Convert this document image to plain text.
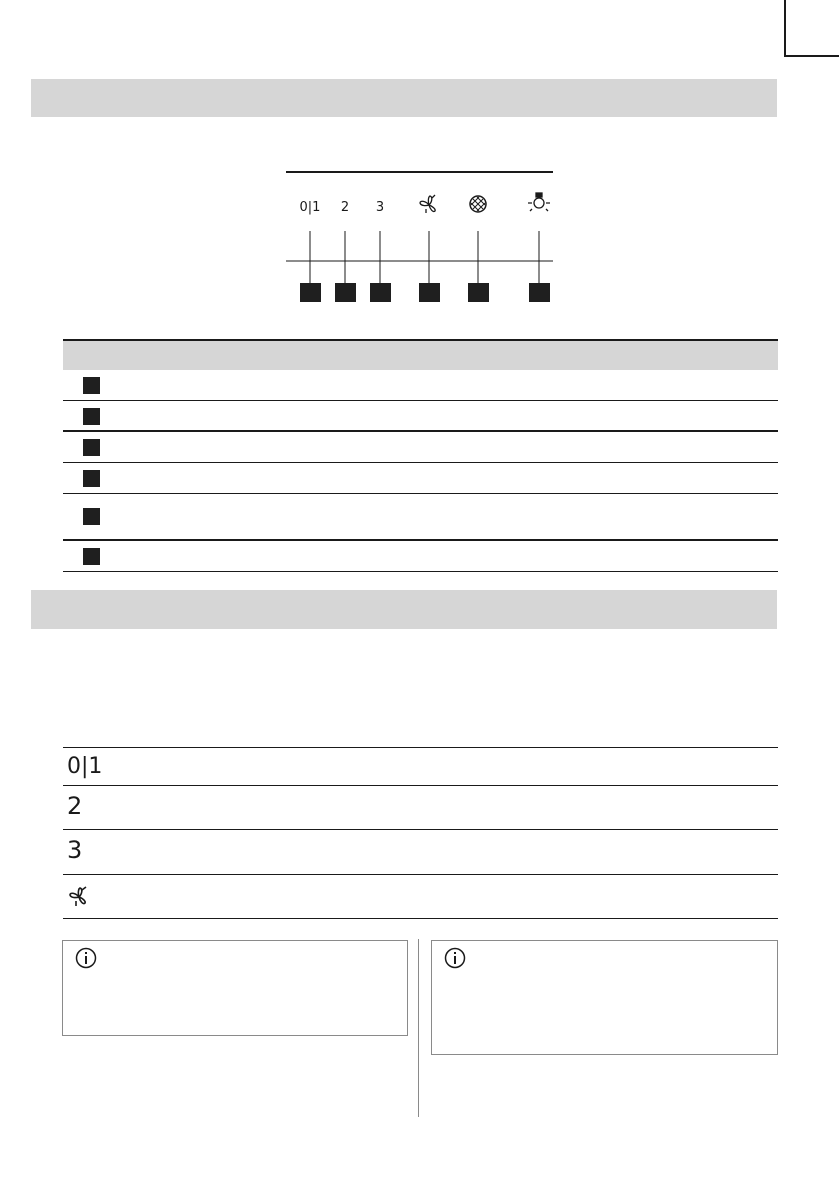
0|1 2 3
0|1
2
3
